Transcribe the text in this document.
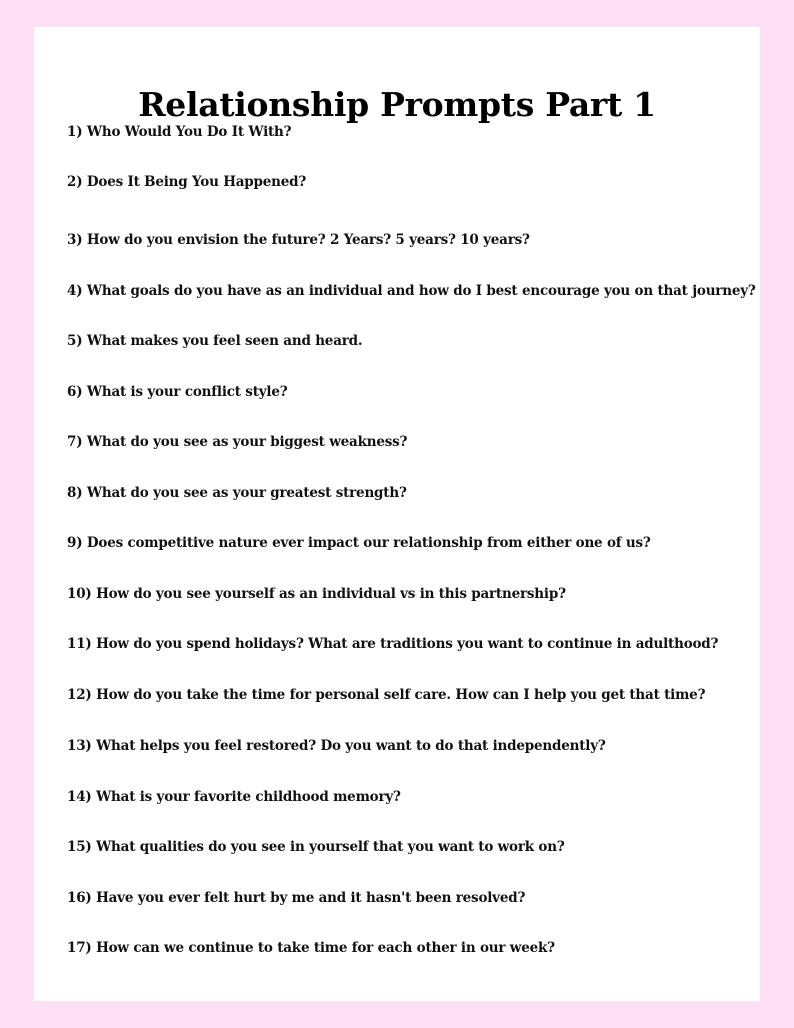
Relationship Prompts Part 1

1) Who Would You Do It With?

2) Does It Being You Happened?

3) How do you envision the future? 2 Years? 5 years? 10 years?

4) What goals do you have as an individual and how do I best encourage you on that journey?

5) What makes you feel seen and heard.

6) What is your conflict style?

7) What do you see as your biggest weakness?

8) What do you see as your greatest strength?

9) Does competitive nature ever impact our relationship from either one of us?

10) How do you see yourself as an individual vs in this partnership?

11) How do you spend holidays? What are traditions you want to continue in adulthood?

12) How do you take the time for personal self care. How can I help you get that time?

13) What helps you feel restored? Do you want to do that independently?

14) What is your favorite childhood memory?

15) What qualities do you see in yourself that you want to work on?

16) Have you ever felt hurt by me and it hasn't been resolved?

17) How can we continue to take time for each other in our week?
